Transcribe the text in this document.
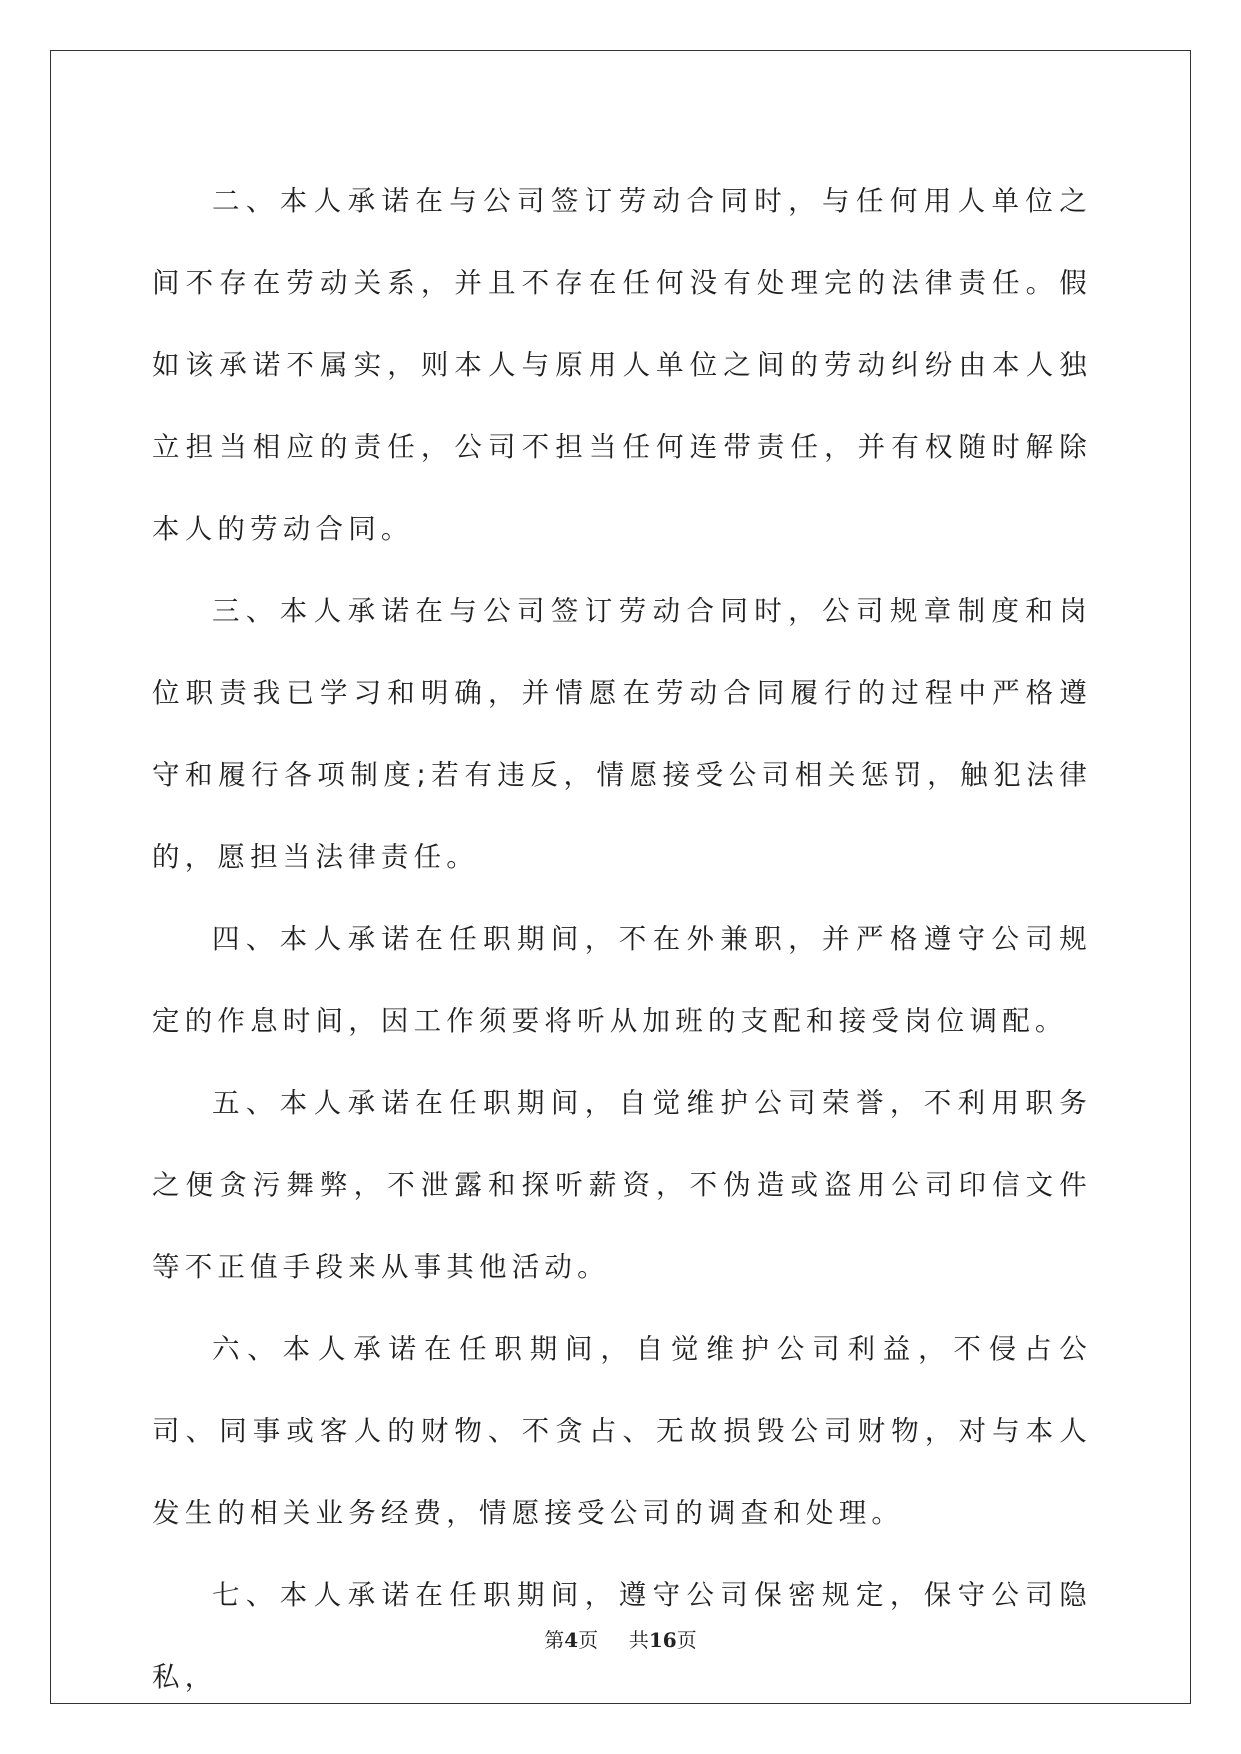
二、本人承诺在与公司签订劳动合同时，与任何用人单位之间不存在劳动关系，并且不存在任何没有处理完的法律责任。假如该承诺不属实，则本人与原用人单位之间的劳动纠纷由本人独立担当相应的责任，公司不担当任何连带责任，并有权随时解除本人的劳动合同。

三、本人承诺在与公司签订劳动合同时，公司规章制度和岗位职责我已学习和明确，并情愿在劳动合同履行的过程中严格遵守和履行各项制度;若有违反，情愿接受公司相关惩罚，触犯法律的，愿担当法律责任。

四、本人承诺在任职期间，不在外兼职，并严格遵守公司规定的作息时间，因工作须要将听从加班的支配和接受岗位调配。

五、本人承诺在任职期间，自觉维护公司荣誉，不利用职务之便贪污舞弊，不泄露和探听薪资，不伪造或盗用公司印信文件等不正值手段来从事其他活动。

六、本人承诺在任职期间，自觉维护公司利益，不侵占公司、同事或客人的财物、不贪占、无故损毁公司财物，对与本人发生的相关业务经费，情愿接受公司的调查和处理。

七、本人承诺在任职期间，遵守公司保密规定，保守公司隐私，

第4页 共16页
